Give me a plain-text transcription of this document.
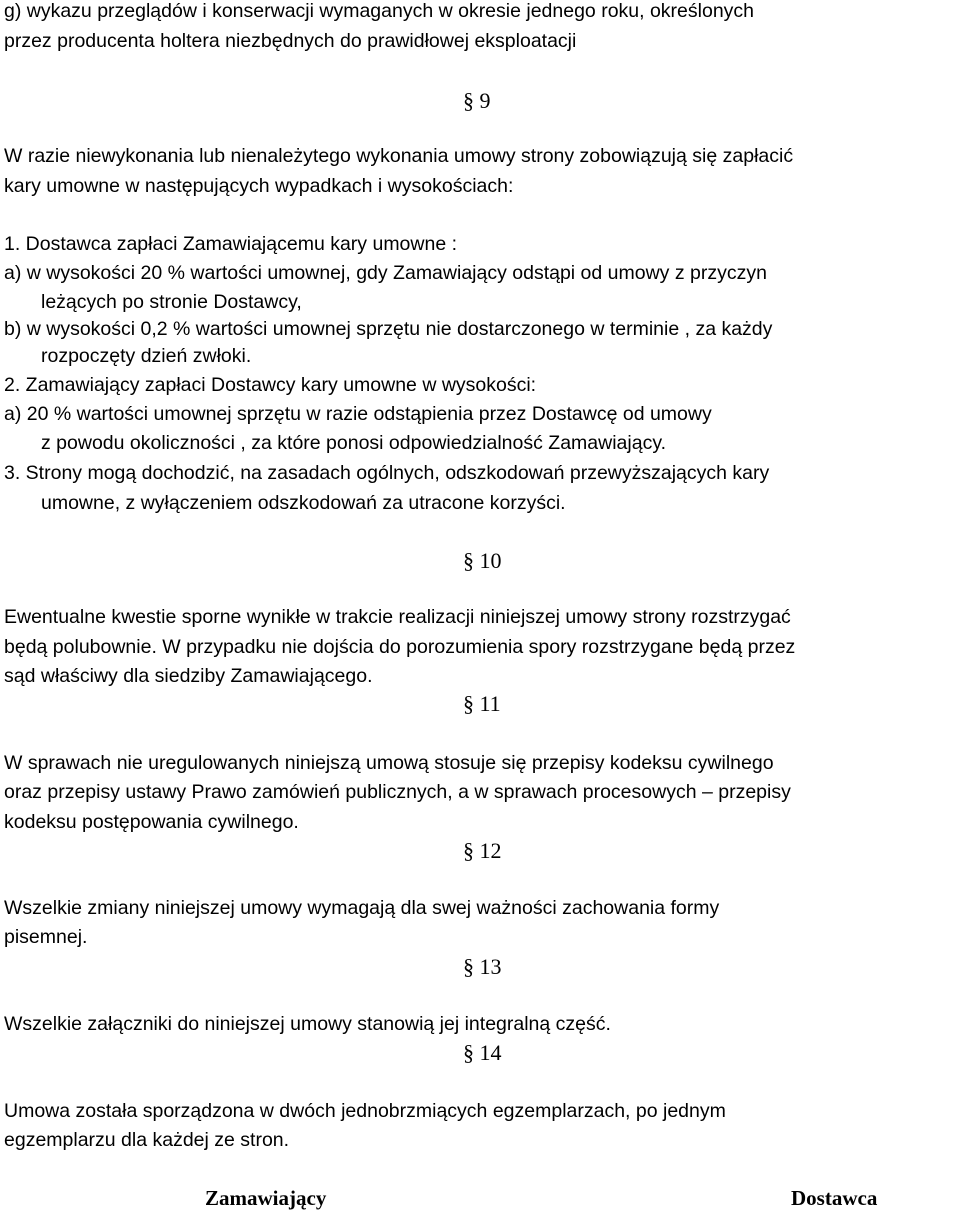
g) wykazu przeglądów i konserwacji wymaganych w okresie jednego roku, określonych
przez producenta holtera niezbędnych do prawidłowej eksploatacji
§ 9
W razie niewykonania lub nienależytego wykonania umowy strony zobowiązują się zapłacić
kary umowne w następujących wypadkach i wysokościach:
1. Dostawca zapłaci Zamawiającemu kary umowne :
a) w wysokości 20 % wartości umownej, gdy Zamawiający odstąpi od umowy z przyczyn
leżących po stronie Dostawcy,
b) w wysokości 0,2 % wartości umownej sprzętu nie dostarczonego w terminie , za każdy
rozpoczęty dzień zwłoki.
2. Zamawiający zapłaci Dostawcy kary umowne w wysokości:
a) 20 % wartości umownej sprzętu w razie odstąpienia przez Dostawcę od umowy
z powodu okoliczności , za które ponosi odpowiedzialność Zamawiający.
3. Strony mogą dochodzić, na zasadach ogólnych, odszkodowań przewyższających kary
umowne, z wyłączeniem odszkodowań za utracone korzyści.
§ 10
Ewentualne kwestie sporne wynikłe w trakcie realizacji niniejszej umowy strony rozstrzygać
będą polubownie. W przypadku nie dojścia do porozumienia spory rozstrzygane będą przez
sąd właściwy dla siedziby Zamawiającego.
§ 11
W sprawach nie uregulowanych niniejszą umową stosuje się przepisy kodeksu cywilnego
oraz przepisy ustawy Prawo zamówień publicznych, a w sprawach procesowych – przepisy
kodeksu postępowania cywilnego.
§ 12
Wszelkie zmiany niniejszej umowy wymagają dla swej ważności zachowania formy
pisemnej.
§ 13
Wszelkie załączniki do niniejszej umowy stanowią jej integralną część.
§ 14
Umowa została sporządzona w dwóch jednobrzmiących egzemplarzach, po jednym
egzemplarzu dla każdej ze stron.
Zamawiający	Dostawca
